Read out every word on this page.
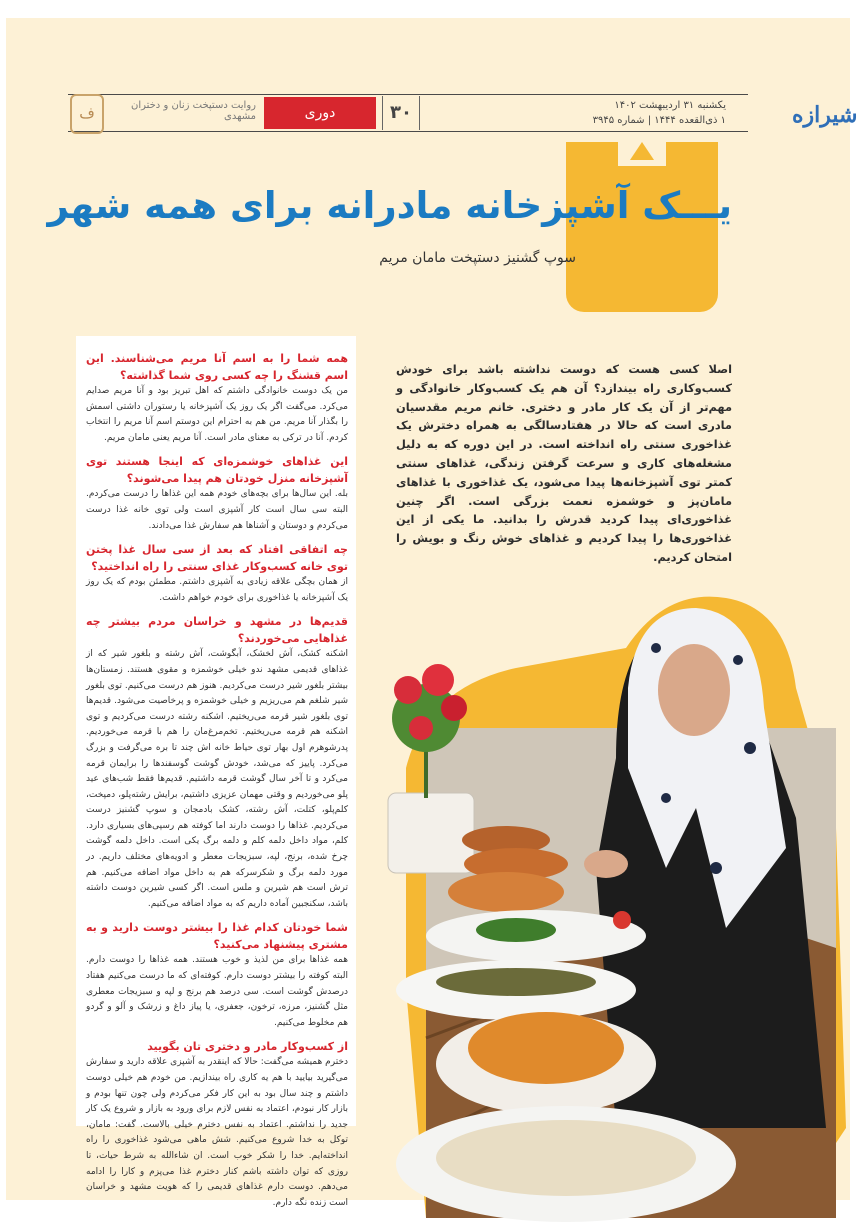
شیرازه
یکشنبه ۳۱ اردیبهشت ۱۴۰۲
۱ ذی‌القعده ۱۴۴۴ | شماره ۳۹۴۵
۳۰
دوری
روایت دستپخت زنان و دختران مشهدی
ف
یـــک آشپزخانه مادرانه برای همه شهر
سوپ گشنیز دستپخت مامان مریم
اصلا کسی هست که دوست نداشته باشد برای خودش کسب‌وکاری راه بیندازد؟ آن هم یک کسب‌وکار خانوادگی و مهم‌تر از آن یک کار مادر و دختری. خانم مریم مقدسیان مادری است که حالا در هفتادسالگی به همراه دخترش یک غذاخوری سنتی راه انداخته است. در این دوره که به دلیل مشغله‌های کاری و سرعت گرفتن زندگی، غذاهای سنتی کمتر توی آشپزخانه‌ها پیدا می‌شود، یک غذاخوری با غذاهای مامان‌پز و خوشمزه نعمت بزرگی است. اگر چنین غذاخوری‌ای پیدا کردید قدرش را بدانید. ما یکی از این غذاخوری‌ها را پیدا کردیم و غذاهای خوش رنگ و بویش را امتحان کردیم.

همه شما را به اسم آنا مریم می‌شناسند. این اسم قشنگ را چه کسی روی شما گذاشته؟

من یک دوست خانوادگی داشتم که اهل تبریز بود و آنا مریم صدایم می‌کرد. می‌گفت اگر یک روز یک آشپزخانه یا رستوران داشتی اسمش را بگذار آنا مریم. من هم به احترام این دوستم اسم آنا مریم را انتخاب کردم. آنا در ترکی به معنای مادر است. آنا مریم یعنی مامان مریم.

این غذاهای خوشمزه‌ای که اینجا هستند توی آشپزخانه منزل خودتان هم پیدا می‌شوند؟

بله. این سال‌ها برای بچه‌های خودم همه این غذاها را درست می‌کردم. البته سی سال است کار آشپزی است ولی توی خانه غذا درست می‌کردم و دوستان و آشناها هم سفارش غذا می‌دادند.

چه اتفاقی افتاد که بعد از سی سال غذا پختن توی خانه کسب‌وکار غذای سنتی را راه انداختید؟

از همان بچگی علاقه زیادی به آشپزی داشتم. مطمئن بودم که یک روز یک آشپزخانه یا غذاخوری برای خودم خواهم داشت.

قدیم‌ها در مشهد و خراسان مردم بیشتر چه غذاهایی می‌خوردند؟

اشکنه کشک، آش لخشک، آبگوشت، آش رشته و بلغور شیر که از غذاهای قدیمی مشهد ندو خیلی خوشمزه و مقوی هستند. زمستان‌ها بیشتر بلغور شیر درست می‌کردیم. هنوز هم درست می‌کنیم. توی بلغور شیر شلغم هم می‌ریزیم و خیلی خوشمزه و پرخاصیت می‌شود. قدیم‌ها توی بلغور شیر قرمه می‌ریختیم. اشکنه رشته درست می‌کردیم و توی اشکنه هم قرمه می‌ریختیم. تخم‌مرغ‌مان را هم با قرمه می‌خوردیم. پدرشوهرم اول بهار توی حیاط خانه اش چند تا بره می‌گرفت و بزرگ می‌کرد. پاییز که می‌شد، خودش گوشت گوسفندها را برایمان قرمه می‌کرد و تا آخر سال گوشت قرمه داشتیم. قدیم‌ها فقط شب‌های عید پلو می‌خوردیم و وقتی مهمان عزیزی داشتیم، برایش رشته‌پلو، دمپخت، کلم‌پلو، کتلت، آش رشته، کشک بادمجان و سوپ گشنیز درست می‌کردیم. غذاها را دوست دارند اما کوفته هم رسپی‌های بسیاری دارد. کلم، مواد داخل دلمه کلم و دلمه برگ یکی است. داخل دلمه گوشت چرخ شده، برنج، لپه، سبزیجات معطر و ادویه‌های مختلف داریم. در مورد دلمه برگ و شکرسرکه هم به داخل مواد اضافه می‌کنیم. هم ترش است هم شیرین و ملس است. اگر کسی شیرین دوست داشته باشد، سکنجبین آماده داریم که به مواد اضافه می‌کنیم.

شما خودتان کدام غذا را بیشتر دوست دارید و به مشتری پیشنهاد می‌کنید؟

همه غذاها برای من لذیذ و خوب هستند. همه غذاها را دوست دارم. البته کوفته را بیشتر دوست دارم. کوفته‌ای که ما درست می‌کنیم هفتاد درصدش گوشت است. سی درصد هم برنج و لپه و سبزیجات معطری مثل گشنیز، مرزه، ترخون، جعفری، یا پیاز داغ و زرشک و آلو و گردو هم مخلوط می‌کنیم.

از کسب‌وکار مادر و دختری تان بگویید

دخترم همیشه می‌گفت: حالا که اینقدر به آشپزی علاقه دارید و سفارش می‌گیرید بیایید با هم یه کاری راه بیندازیم. من خودم هم خیلی دوست داشتم و چند سال بود به این کار فکر می‌کردم ولی چون تنها بودم و بازار کار نبودم، اعتماد به نفس لازم برای ورود به بازار و شروع یک کار جدید را نداشتم. اعتماد به نفس دخترم خیلی بالاست. گفت: مامان، توکل به خدا شروع می‌کنیم. شش ماهی می‌شود غذاخوری را راه انداخته‌ایم. خدا را شکر خوب است. ان شاءالله به شرط حیات، تا روزی که توان داشته باشم کنار دخترم غذا می‌پزم و کارا را ادامه می‌دهم. دوست دارم غذاهای قدیمی را که هویت مشهد و خراسان است زنده نگه دارم.
